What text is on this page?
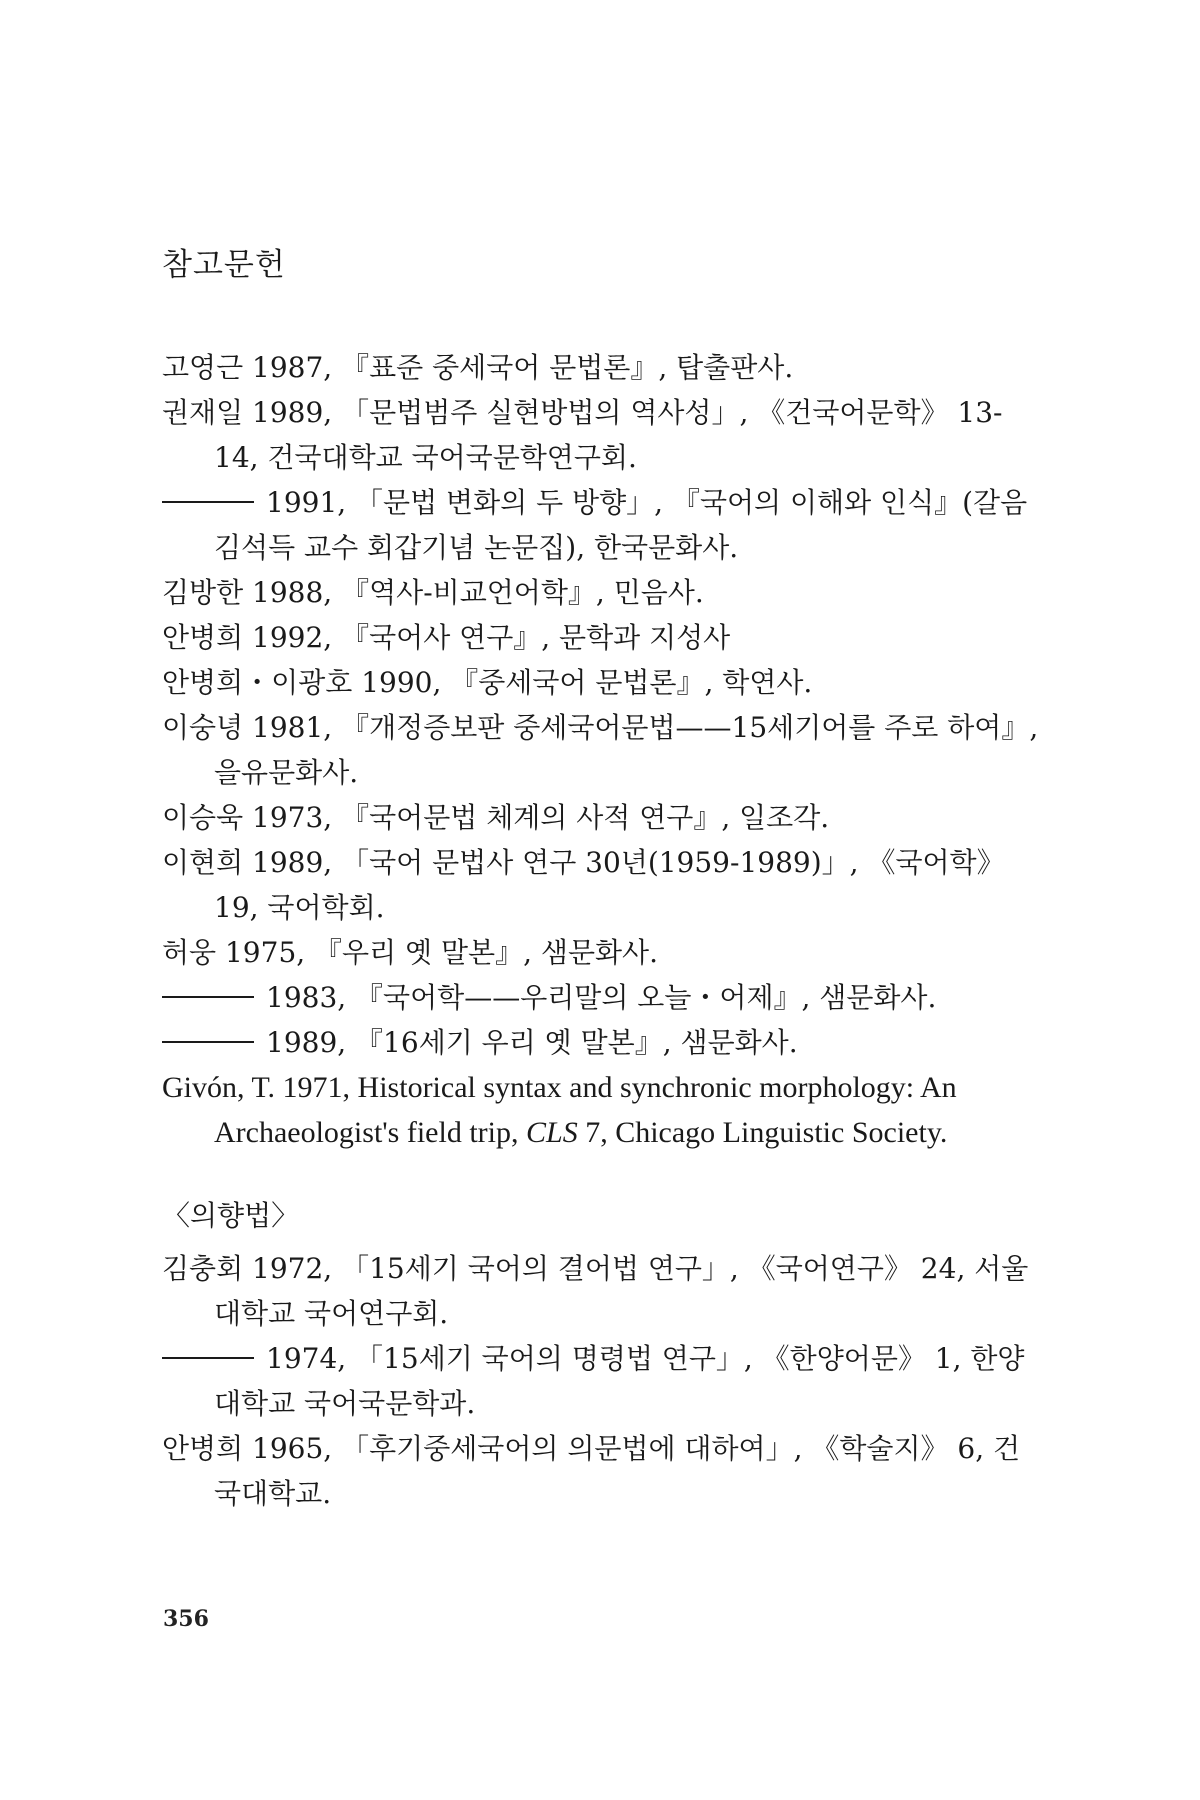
참고문헌
고영근 1987, 『표준 중세국어 문법론』, 탑출판사.
권재일 1989, 「문법범주 실현방법의 역사성」, 《건국어문학》 13-14, 건국대학교 국어국문학연구회.
1991, 「문법 변화의 두 방향」, 『국어의 이해와 인식』(갈음 김석득 교수 회갑기념 논문집), 한국문화사.
김방한 1988, 『역사-비교언어학』, 민음사.
안병희 1992, 『국어사 연구』, 문학과 지성사
안병희・이광호 1990, 『중세국어 문법론』, 학연사.
이숭녕 1981, 『개정증보판 중세국어문법——15세기어를 주로 하여』, 을유문화사.
이승욱 1973, 『국어문법 체계의 사적 연구』, 일조각.
이현희 1989, 「국어 문법사 연구 30년(1959-1989)」, 《국어학》 19, 국어학회.
허웅 1975, 『우리 옛 말본』, 샘문화사.
1983, 『국어학——우리말의 오늘・어제』, 샘문화사.
1989, 『16세기 우리 옛 말본』, 샘문화사.
Givón, T. 1971, Historical syntax and synchronic morphology: An Archaeologist's field trip, CLS 7, Chicago Linguistic Society.
〈의향법〉
김충회 1972, 「15세기 국어의 결어법 연구」, 《국어연구》 24, 서울대학교 국어연구회.
1974, 「15세기 국어의 명령법 연구」, 《한양어문》 1, 한양대학교 국어국문학과.
안병희 1965, 「후기중세국어의 의문법에 대하여」, 《학술지》 6, 건국대학교.
356
